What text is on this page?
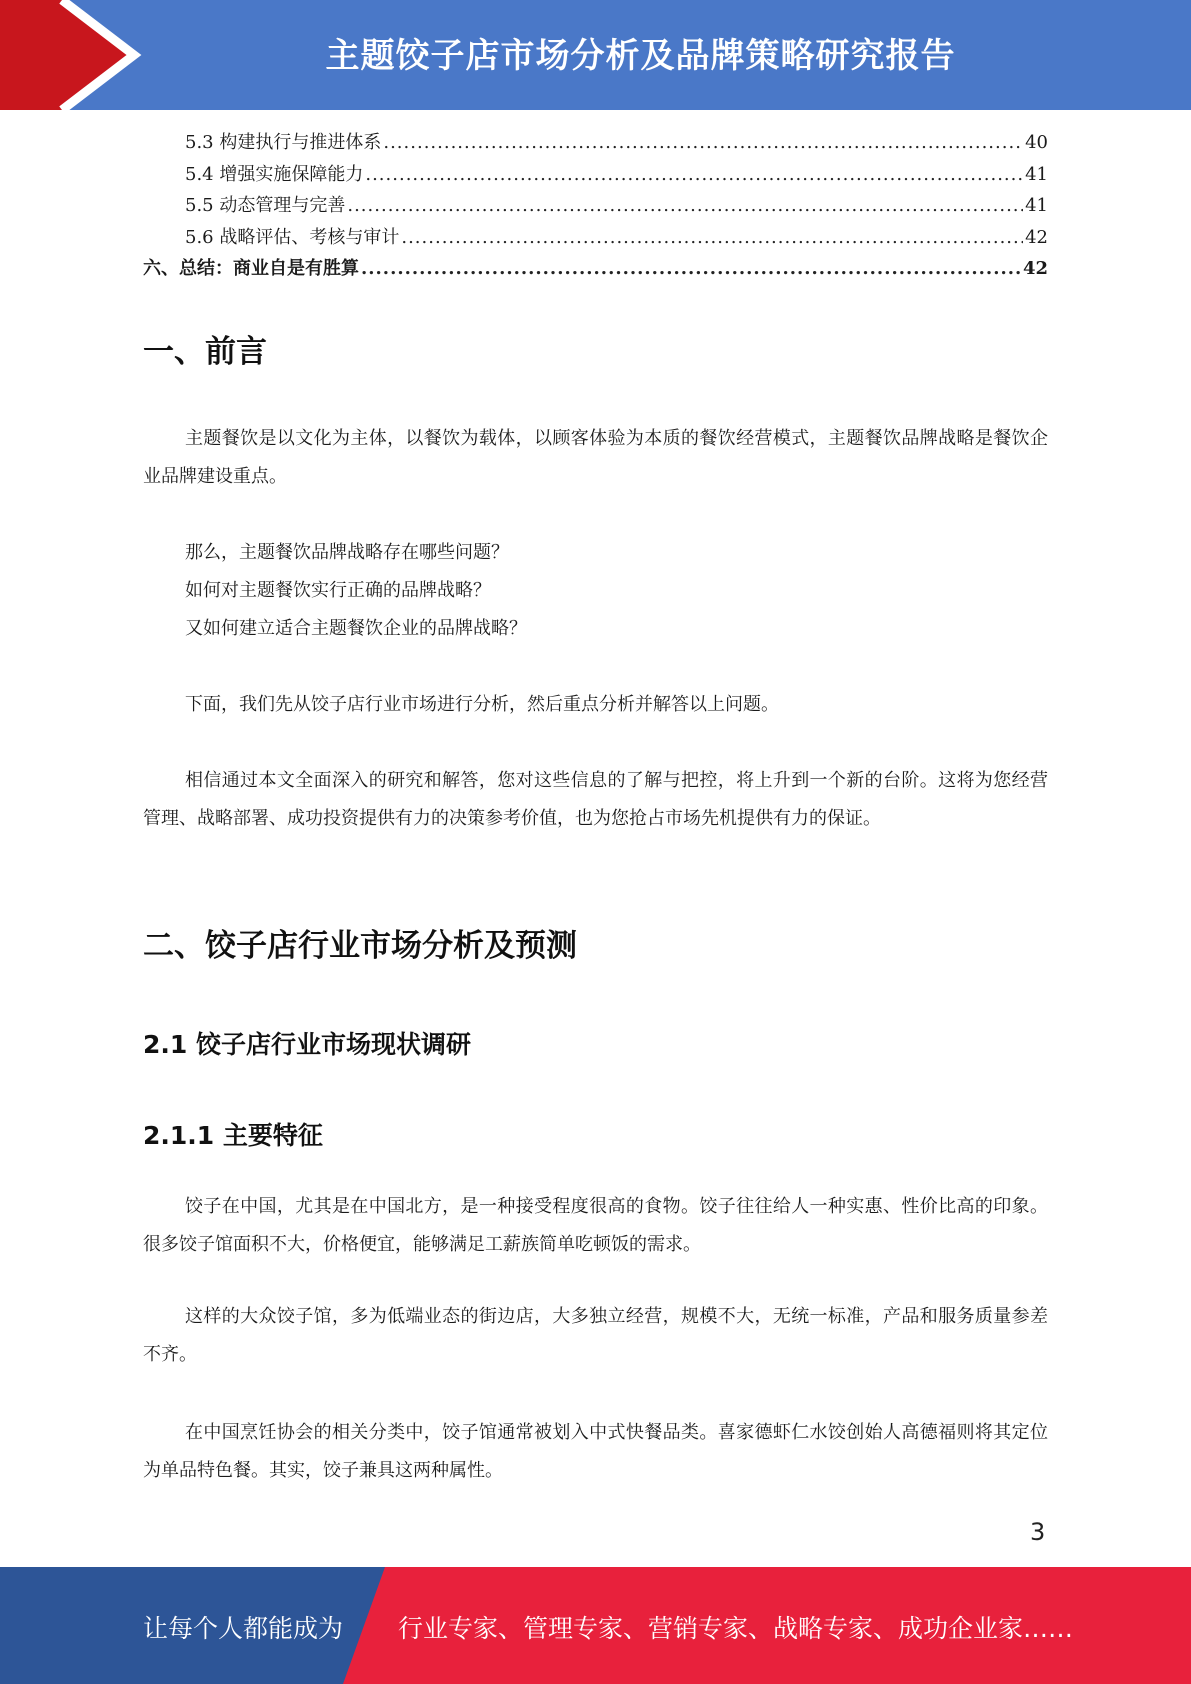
主题饺子店市场分析及品牌策略研究报告
5.3 构建执行与推进体系 .....	40
5.4 增强实施保障能力 .....	41
5.5 动态管理与完善 .....	41
5.6 战略评估、考核与审计 .....	42
六、总结：商业自是有胜算 .....	42
一、前言
主题餐饮是以文化为主体，以餐饮为载体，以顾客体验为本质的餐饮经营模式，主题餐饮品牌战略是餐饮企业品牌建设重点。
那么，主题餐饮品牌战略存在哪些问题？
如何对主题餐饮实行正确的品牌战略？
又如何建立适合主题餐饮企业的品牌战略？
下面，我们先从饺子店行业市场进行分析，然后重点分析并解答以上问题。
相信通过本文全面深入的研究和解答，您对这些信息的了解与把控，将上升到一个新的台阶。这将为您经营管理、战略部署、成功投资提供有力的决策参考价值，也为您抢占市场先机提供有力的保证。
二、饺子店行业市场分析及预测
2.1 饺子店行业市场现状调研
2.1.1 主要特征
饺子在中国，尤其是在中国北方，是一种接受程度很高的食物。饺子往往给人一种实惠、性价比高的印象。很多饺子馆面积不大，价格便宜，能够满足工薪族简单吃顿饭的需求。
这样的大众饺子馆，多为低端业态的街边店，大多独立经营，规模不大，无统一标准，产品和服务质量参差不齐。
在中国烹饪协会的相关分类中，饺子馆通常被划入中式快餐品类。喜家德虾仁水饺创始人高德福则将其定位为单品特色餐。其实，饺子兼具这两种属性。
3
让每个人都能成为 行业专家、管理专家、营销专家、战略专家、成功企业家……
